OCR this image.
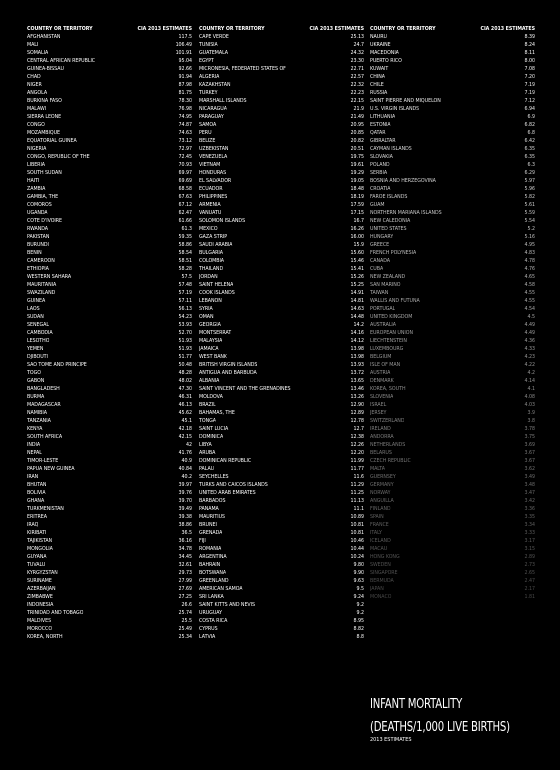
COUNTRY OR TERRITORY	CIA 2013 ESTIMATES
AFGHANISTAN	117.5
MALI	106.49
SOMALIA	101.91
CENTRAL AFRICAN REPUBLIC	95.04
GUINEA-BISSAU	92.66
CHAD	91.94
NIGER	87.98
ANGOLA	81.75
BURKINA FASO	78.30
MALAWI	76.98
SIERRA LEONE	74.95
CONGO	74.87
MOZAMBIQUE	74.63
EQUATORIAL GUINEA	73.12
NIGERIA	72.97
CONGO, REPUBLIC OF THE	72.45
LIBERIA	70.93
SOUTH SUDAN	69.97
HAITI	69.69
ZAMBIA	68.58
GAMBIA, THE	67.63
COMOROS	67.12
UGANDA	62.47
COTE D'IVOIRE	61.66
RWANDA	61.3
PAKISTAN	59.35
BURUNDI	58.86
BENIN	58.54
CAMEROON	58.51
ETHIOPIA	58.28
WESTERN SAHARA	57.5
MAURITANIA	57.48
SWAZILAND	57.19
GUINEA	57.11
LAOS	56.13
SUDAN	54.23
SENEGAL	53.93
CAMBODIA	52.70
LESOTHO	51.93
YEMEN	51.93
DJIBOUTI	51.77
SAO TOME AND PRINCIPE	50.48
TOGO	48.28
GABON	48.02
BANGLADESH	47.30
BURMA	46.31
MADAGASCAR	46.13
NAMIBIA	45.62
TANZANIA	45.1
KENYA	42.18
SOUTH AFRICA	42.15
INDIA	42
NEPAL	41.76
TIMOR-LESTE	40.9
PAPUA NEW GUINEA	40.84
IRAN	40.2
BHUTAN	39.97
BOLIVIA	39.76
GHANA	39.70
TURKMENISTAN	39.49
ERITREA	39.38
IRAQ	38.86
KIRIBATI	36.5
TAJIKISTAN	36.16
MONGOLIA	34.78
GUYANA	34.45
TUVALU	32.61
KYRGYZSTAN	29.73
SURINAME	27.99
AZERBAIJAN	27.69
ZIMBABWE	27.25
INDONESIA	26.6
TRINIDAD AND TOBAGO	25.74
MALDIVES	25.5
MOROCCO	25.49
KOREA, NORTH	25.34
COUNTRY OR TERRITORY	CIA 2013 ESTIMATES
CAPE VERDE	25.13
TUNISIA	24.7
GUATEMALA	24.32
EGYPT	23.30
MICRONESIA, FEDERATED STATES OF	22.71
ALGERIA	22.57
KAZAKHSTAN	22.32
TURKEY	22.23
MARSHALL ISLANDS	22.15
NICARAGUA	21.9
PARAGUAY	21.49
SAMOA	20.95
PERU	20.85
BELIZE	20.82
UZBEKISTAN	20.51
VENEZUELA	19.75
VIETNAM	19.61
HONDURAS	19.29
EL SALVADOR	19.05
ECUADOR	18.48
PHILIPPINES	18.19
ARMENIA	17.59
VANUATU	17.15
SOLOMON ISLANDS	16.7
MEXICO	16.26
GAZA STRIP	16.00
SAUDI ARABIA	15.9
BULGARIA	15.60
COLOMBIA	15.46
THAILAND	15.41
JORDAN	15.26
SAINT HELENA	15.25
COOK ISLANDS	14.91
LEBANON	14.81
SYRIA	14.63
OMAN	14.48
GEORGIA	14.2
MONTSERRAT	14.16
MALAYSIA	14.12
JAMAICA	13.98
WEST BANK	13.98
BRITISH VIRGIN ISLANDS	13.93
ANTIGUA AND BARBUDA	13.72
ALBANIA	13.65
SAINT VINCENT AND THE GRENADINES	13.46
MOLDOVA	13.26
BRAZIL	12.90
BAHAMAS, THE	12.89
TONGA	12.78
SAINT LUCIA	12.7
DOMINICA	12.38
LIBYA	12.26
ARUBA	12.20
DOMINICAN REPUBLIC	11.99
PALAU	11.77
SEYCHELLES	11.6
TURKS AND CAICOS ISLANDS	11.29
UNITED ARAB EMIRATES	11.25
BARBADOS	11.13
PANAMA	11.1
MAURITIUS	10.89
BRUNEI	10.81
GRENADA	10.81
FIJI	10.46
ROMANIA	10.44
ARGENTINA	10.24
BAHRAIN	9.80
BOTSWANA	9.90
GREENLAND	9.63
AMERICAN SAMOA	9.5
SRI LANKA	9.24
SAINT KITTS AND NEVIS	9.2
URUGUAY	9.2
COSTA RICA	8.95
CYPRUS	8.82
LATVIA	8.8
COUNTRY OR TERRITORY	CIA 2013 ESTIMATES
NAURU	8.39
UKRAINE	8.24
MACEDONIA	8.11
PUERTO RICO	8.00
KUWAIT	7.08
CHINA	7.20
CHILE	7.19
RUSSIA	7.19
SAINT PIERRE AND MIQUELON	7.12
U.S. VIRGIN ISLANDS	6.94
LITHUANIA	6.9
ESTONIA	6.82
QATAR	6.8
GIBRALTAR	6.42
CAYMAN ISLANDS	6.35
SLOVAKIA	6.35
POLAND	6.3
SERBIA	6.29
BOSNIA AND HERZEGOVINA	5.97
CROATIA	5.96
FAROE ISLANDS	5.82
GUAM	5.61
NORTHERN MARIANA ISLANDS	5.59
NEW CALEDONIA	5.54
UNITED STATES	5.2
HUNGARY	5.16
GREECE	4.95
FRENCH POLYNESIA	4.83
CANADA	4.78
CUBA	4.76
NEW ZEALAND	4.65
SAN MARINO	4.58
TAIWAN	4.55
WALLIS AND FUTUNA	4.55
PORTUGAL	4.54
UNITED KINGDOM	4.5
AUSTRALIA	4.49
EUROPEAN UNION	4.49
LIECHTENSTEIN	4.36
LUXEMBOURG	4.33
BELGIUM	4.23
ISLE OF MAN	4.22
AUSTRIA	4.2
DENMARK	4.14
KOREA, SOUTH	4.1
SLOVENIA	4.08
ISRAEL	4.03
JERSEY	3.9
SWITZERLAND	3.8
IRELAND	3.78
ANDORRA	3.75
NETHERLANDS	3.69
BELARUS	3.67
CZECH REPUBLIC	3.67
MALTA	3.62
GUERNSEY	3.49
GERMANY	3.48
NORWAY	3.47
ANGUILLA	3.42
FINLAND	3.36
SPAIN	3.35
FRANCE	3.34
ITALY	3.33
ICELAND	3.17
MACAU	3.15
HONG KONG	2.89
SWEDEN	2.73
SINGAPORE	2.65
BERMUDA	2.47
JAPAN	2.17
MONACO	1.81
INFANT MORTALITY
(DEATHS/1,000 LIVE BIRTHS)
2013 ESTIMATES
